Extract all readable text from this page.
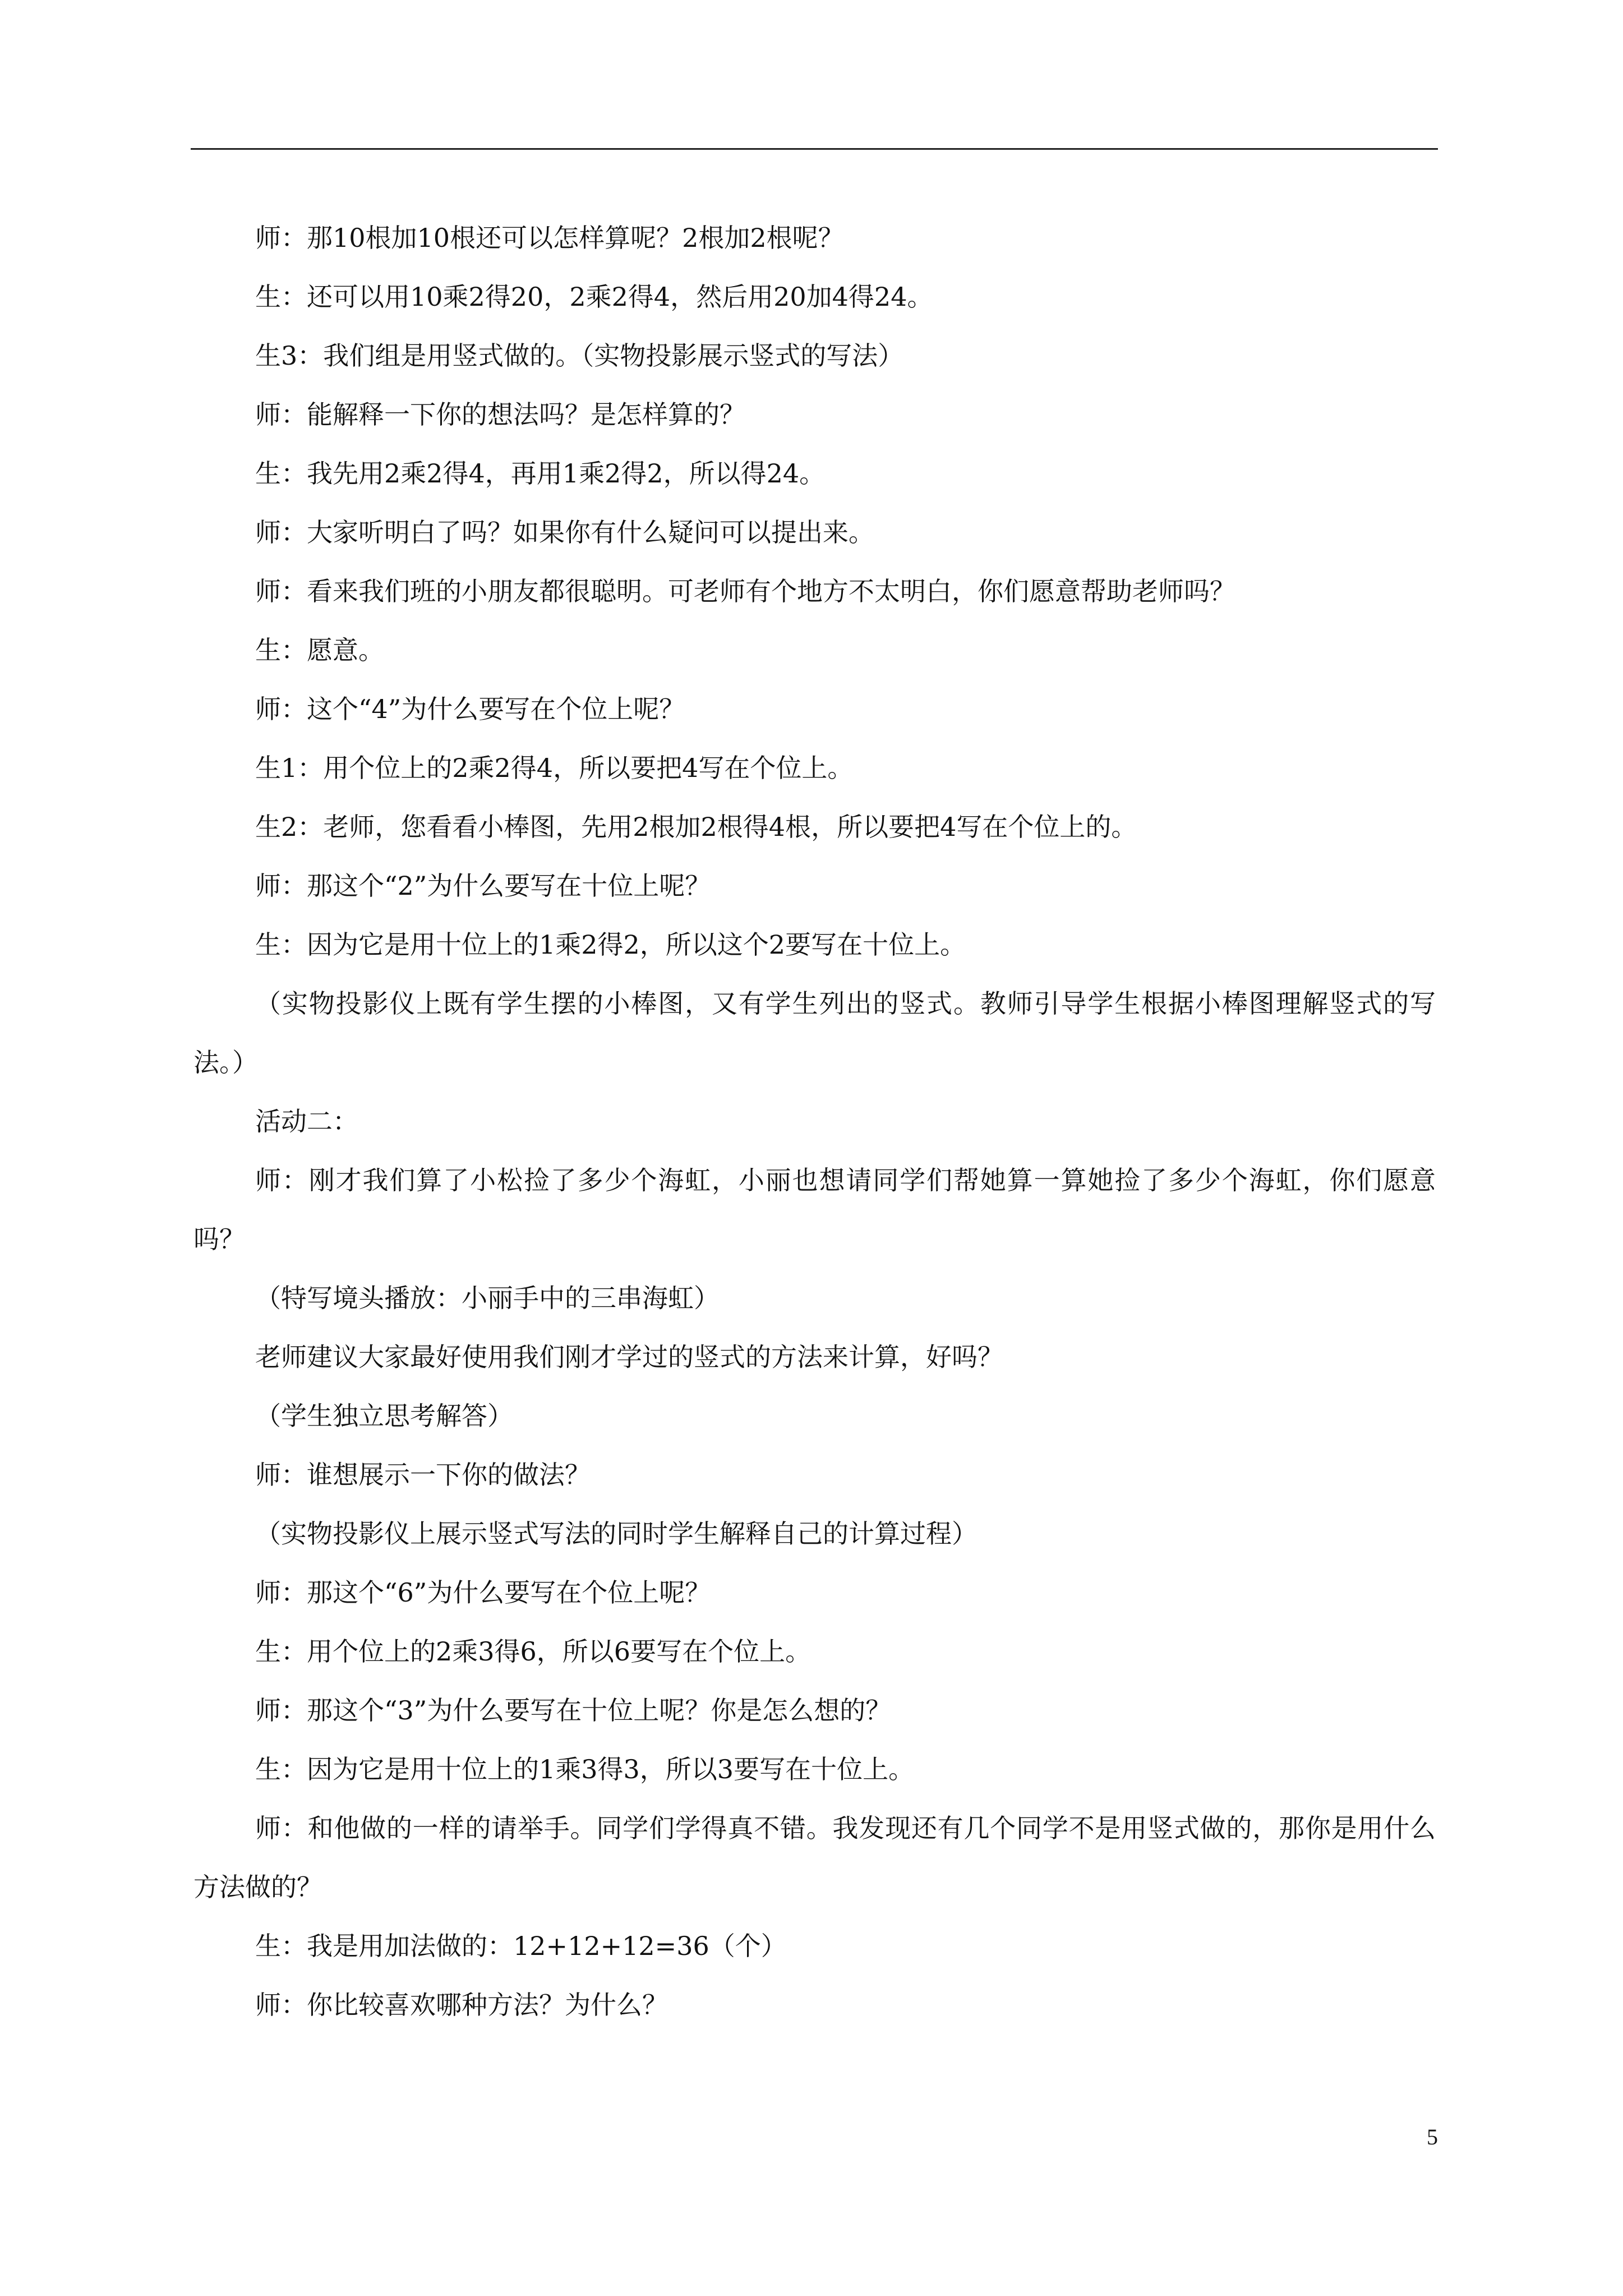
师：那10根加10根还可以怎样算呢？2根加2根呢？

生：还可以用10乘2得20，2乘2得4，然后用20加4得24。

生3：我们组是用竖式做的。（实物投影展示竖式的写法）

师：能解释一下你的想法吗？是怎样算的？

生：我先用2乘2得4，再用1乘2得2，所以得24。

师：大家听明白了吗？如果你有什么疑问可以提出来。

师：看来我们班的小朋友都很聪明。可老师有个地方不太明白，你们愿意帮助老师吗？

生：愿意。

师：这个“4”为什么要写在个位上呢？

生1：用个位上的2乘2得4，所以要把4写在个位上。

生2：老师，您看看小棒图，先用2根加2根得4根，所以要把4写在个位上的。

师：那这个“2”为什么要写在十位上呢？

生：因为它是用十位上的1乘2得2，所以这个2要写在十位上。

（实物投影仪上既有学生摆的小棒图，又有学生列出的竖式。教师引导学生根据小棒图理解竖式的写法。）

活动二：

师：刚才我们算了小松捡了多少个海虹，小丽也想请同学们帮她算一算她捡了多少个海虹，你们愿意吗？

（特写境头播放：小丽手中的三串海虹）

老师建议大家最好使用我们刚才学过的竖式的方法来计算，好吗？

（学生独立思考解答）

师：谁想展示一下你的做法？

（实物投影仪上展示竖式写法的同时学生解释自己的计算过程）

师：那这个“6”为什么要写在个位上呢？

生：用个位上的2乘3得6，所以6要写在个位上。

师：那这个“3”为什么要写在十位上呢？你是怎么想的？

生：因为它是用十位上的1乘3得3，所以3要写在十位上。

师：和他做的一样的请举手。同学们学得真不错。我发现还有几个同学不是用竖式做的，那你是用什么方法做的？

生：我是用加法做的：12+12+12=36（个）

师：你比较喜欢哪种方法？为什么？

5
